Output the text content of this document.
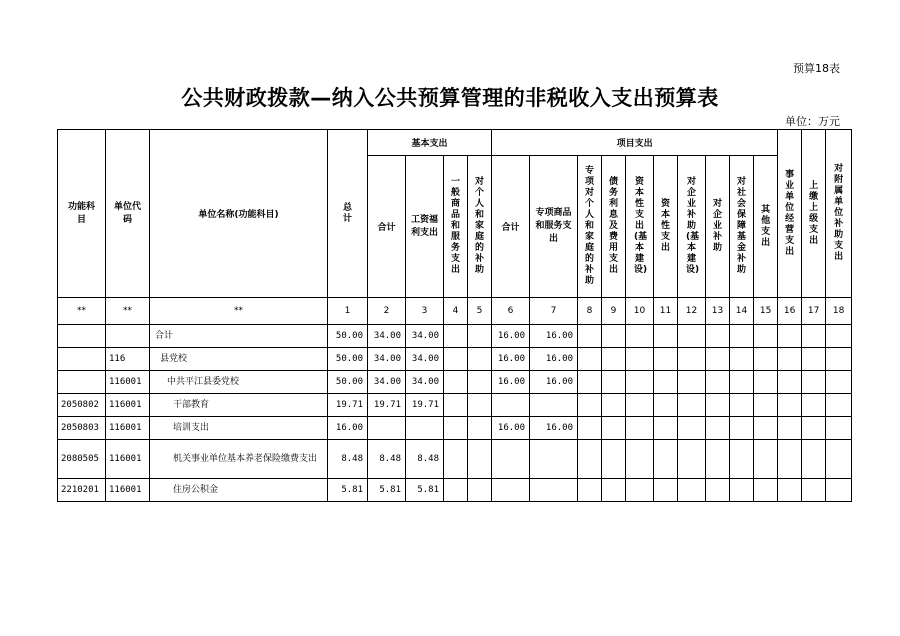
预算18表
公共财政拨款—纳入公共预算管理的非税收入支出预算表
单位：万元
功能科目	单位代码	单位名称(功能科目)	总计	基本支出				项目支出										事业单位经营支出	上缴上级支出	对附属单位补助支出

				合计	工资福利支出	一般商品和服务支出	对个人和家庭的补助	合计	专项商品和服务支出	专项对个人和家庭的补助	债务利息及费用支出	资本性支出(基本建设)	资本性支出	对企业补助(基本建设)	对企业补助	对社会保障基金补助	其他支出			

**	**	**	1	2	3	4	5	6	7	8	9	10	11	12	13	14	15	16	17	18

		合计	50.00	34.00	34.00			16.00	16.00											
	116	县党校	50.00	34.00	34.00			16.00	16.00											
	116001	中共平江县委党校	50.00	34.00	34.00			16.00	16.00											
2050802	116001	干部教育	19.71	19.71	19.71															
2050803	116001	培训支出	16.00					16.00	16.00											
2080505	116001	机关事业单位基本养老保险缴费支出	8.48	8.48	8.48															
2210201	116001	住房公积金	5.81	5.81	5.81															
